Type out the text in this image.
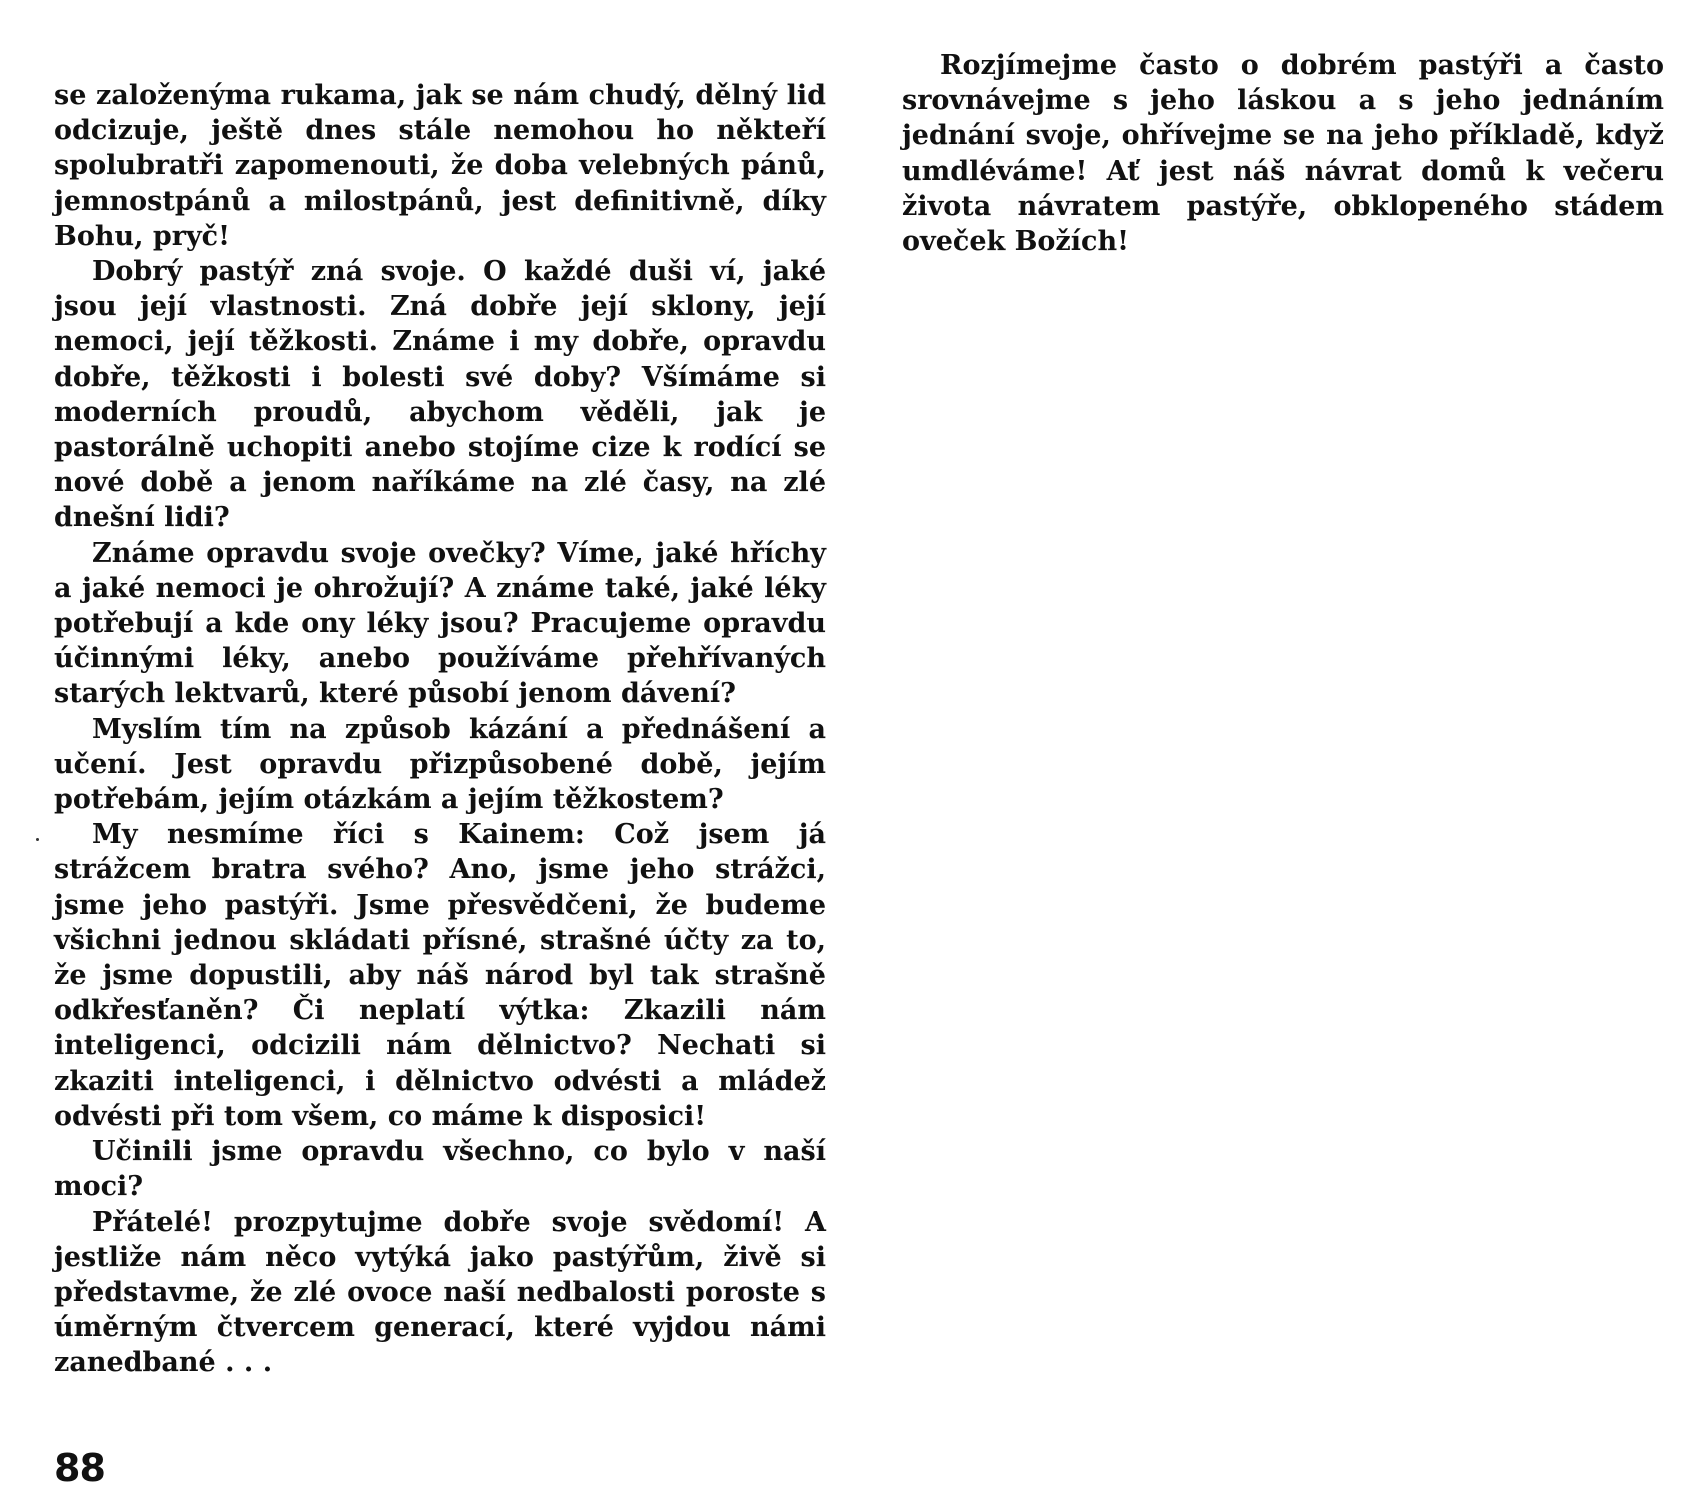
se založenýma rukama, jak se nám chudý, dělný lid odcizuje, ještě dnes stále nemohou ho někteří spolubratři zapomenouti, že doba velebných pánů, jemnostpánů a milostpánů, jest definitivně, díky Bohu, pryč!

Dobrý pastýř zná svoje. O každé duši ví, jaké jsou její vlastnosti. Zná dobře její sklony, její nemoci, její těžkosti. Známe i my dobře, opravdu dobře, těžkosti i bolesti své doby? Všímáme si moderních proudů, abychom věděli, jak je pastorálně uchopiti anebo stojíme cize k rodící se nové době a jenom naříkáme na zlé časy, na zlé dnešní lidi?

Známe opravdu svoje ovečky? Víme, jaké hříchy a jaké nemoci je ohrožují? A známe také, jaké léky potřebují a kde ony léky jsou? Pracujeme opravdu účinnými léky, anebo používáme přehřívaných starých lektvarů, které působí jenom dávení?

Myslím tím na způsob kázání a přednášení a učení. Jest opravdu přizpůsobené době, jejím potřebám, jejím otázkám a jejím těžkostem?

My nesmíme říci s Kainem: Což jsem já strážcem bratra svého? Ano, jsme jeho strážci, jsme jeho pastýři. Jsme přesvědčeni, že budeme všichni jednou skládati přísné, strašné účty za to, že jsme dopustili, aby náš národ byl tak strašně odkřesťaněn? Či neplatí výtka: Zkazili nám inteligenci, odcizili nám dělnictvo? Nechati si zkaziti inteligenci, i dělnictvo odvésti a mládež odvésti při tom všem, co máme k disposici!

Učinili jsme opravdu všechno, co bylo v naší moci?

Přátelé! prozpytujme dobře svoje svědomí! A jestliže nám něco vytýká jako pastýřům, živě si představme, že zlé ovoce naší nedbalosti poroste s úměrným čtvercem generací, které vyjdou námi zanedbané . . .

Rozjímejme často o dobrém pastýři a často srovnávejme s jeho láskou a s jeho jednáním jednání svoje, ohřívejme se na jeho příkladě, když umdléváme! Ať jest náš návrat domů k večeru života návratem pastýře, obklopeného stádem oveček Božích!

88
